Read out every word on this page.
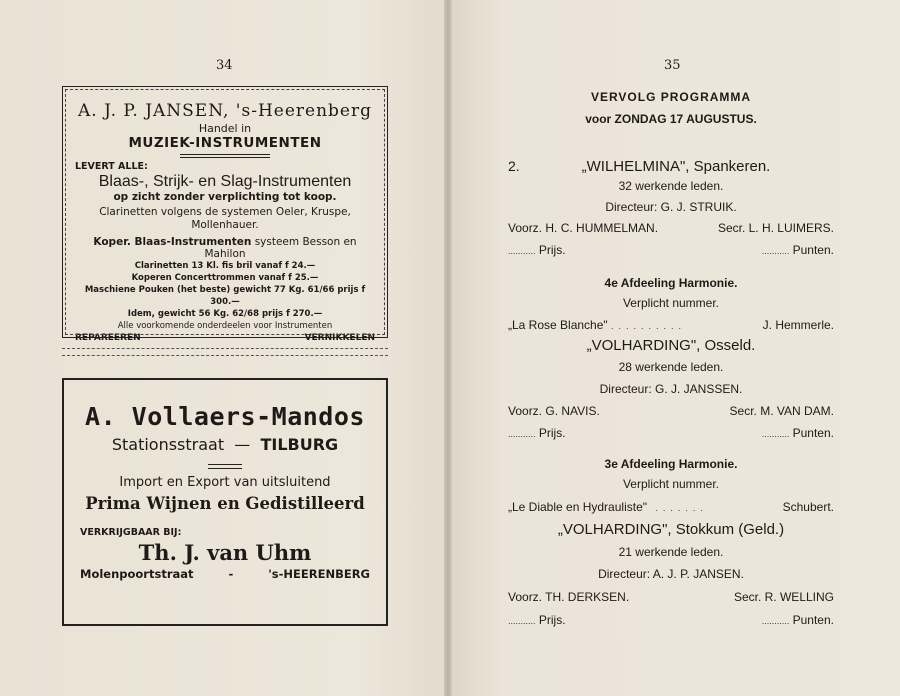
34
A. J. P. JANSEN, 's-Heerenberg
Handel in
MUZIEK-INSTRUMENTEN
LEVERT ALLE:
Blaas-, Strijk- en Slag-Instrumenten
op zicht zonder verplichting tot koop.
Clarinetten volgens de systemen Oeler, Kruspe,
Mollenhauer.
Koper. Blaas-Instrumenten systeem Besson en Mahilon
Clarinetten 13 Kl. fis bril vanaf f 24.—
Koperen Concerttrommen vanaf f 25.—
Maschiene Pouken (het beste) gewicht 77 Kg. 61/66 prijs f 300.—
Idem, gewicht 56 Kg. 62/68 prijs f 270.—
Alle voorkomende onderdeelen voor Instrumenten
REPAREEREN	VERNIKKELEN
A. Vollaers-Mandos
Stationsstraat — TILBURG
Import en Export van uitsluitend
Prima Wijnen en Gedistilleerd
VERKRIJGBAAR BIJ:
Th. J. van Uhm
Molenpoortstraat	-	's-HEERENBERG
35
VERVOLG PROGRAMMA
voor ZONDAG 17 AUGUSTUS.
2.	„WILHELMINA", Spankeren.
32 werkende leden.
Directeur: G. J. STRUIK.
Voorz. H. C. HUMMELMAN.	Secr. L. H. LUIMERS.
........... Prijs.	........... Punten.
4e Afdeeling Harmonie.
Verplicht nummer.
„La Rose Blanche" .  .  .  .  .  .  .  .  .  .	J. Hemmerle.
„VOLHARDING", Osseld.
28 werkende leden.
Directeur: G. J. JANSSEN.
Voorz. G. NAVIS.	Secr. M. VAN DAM.
........... Prijs.	........... Punten.
3e Afdeeling Harmonie.
Verplicht nummer.
„Le Diable en Hydrauliste"   .  .  .  .  .  .  .	Schubert.
„VOLHARDING", Stokkum (Geld.)
21 werkende leden.
Directeur: A. J. P. JANSEN.
Voorz. TH. DERKSEN.	Secr. R. WELLING
........... Prijs.	........... Punten.
